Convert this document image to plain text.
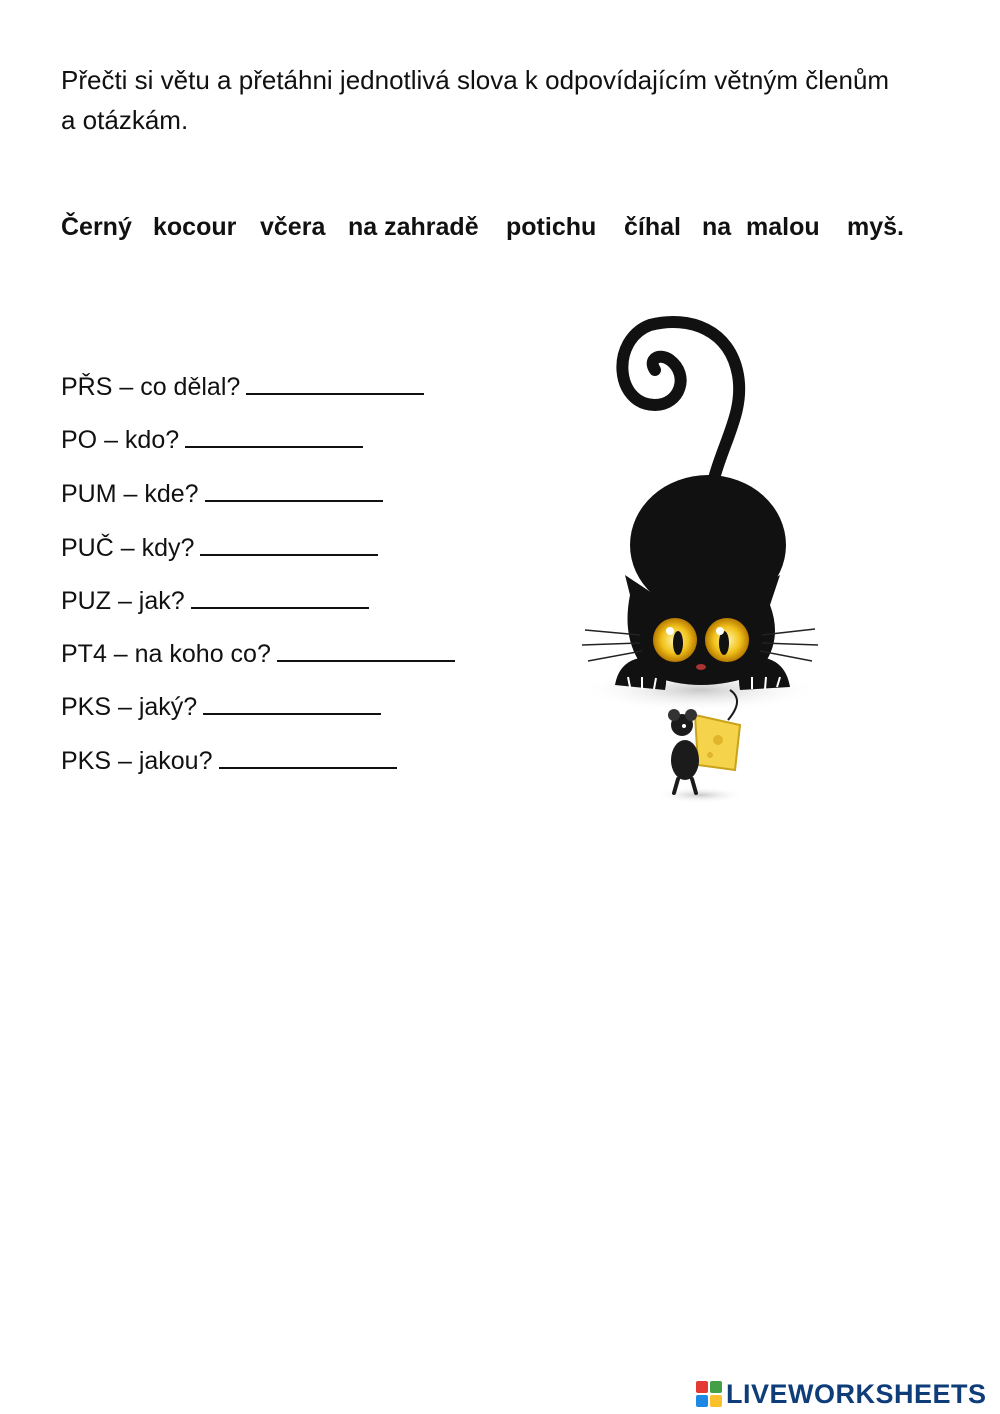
Přečti si větu a přetáhni jednotlivá slova k odpovídajícím větným členům a otázkám.

Černý kocour včera na zahradě potichu číhal na malou myš.
PŘS – co dělal?
PO – kdo?
PUM – kde?
PUČ – kdy?
PUZ – jak?
PT4 – na koho co?
PKS – jaký?
PKS – jakou?
LIVEWORKSHEETS
